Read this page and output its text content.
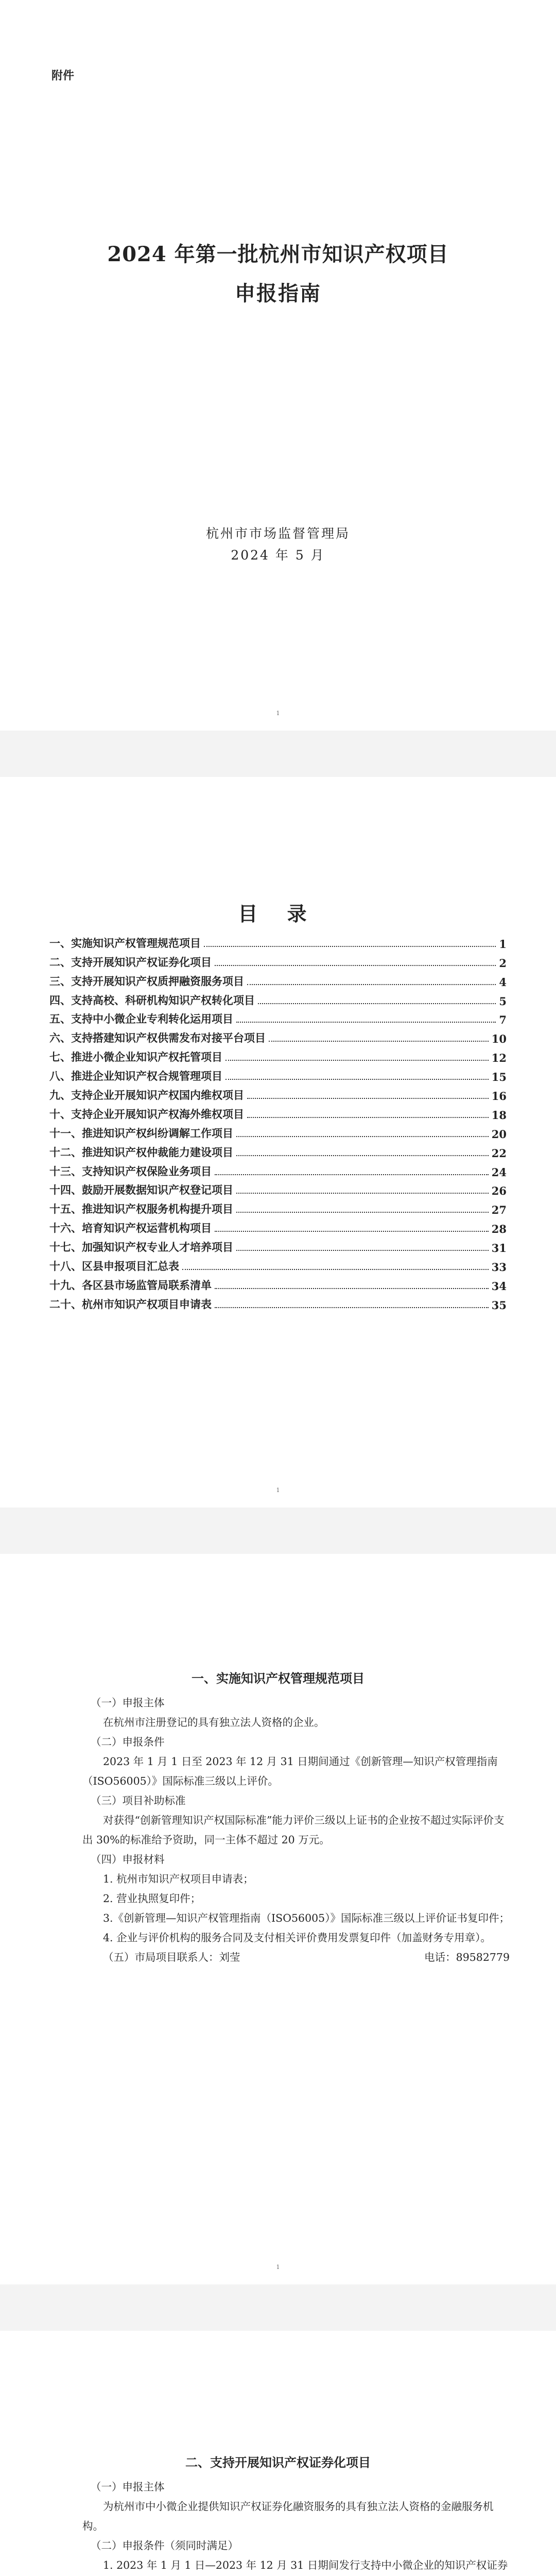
附件
2024 年第一批杭州市知识产权项目
申报指南
杭州市市场监督管理局
2024 年 5 月
1
1
目 录
一、实施知识产权管理规范项目	1
二、支持开展知识产权证券化项目	2
三、支持开展知识产权质押融资服务项目	4
四、支持高校、科研机构知识产权转化项目	5
五、支持中小微企业专利转化运用项目	7
六、支持搭建知识产权供需发布对接平台项目	10
七、推进小微企业知识产权托管项目	12
八、推进企业知识产权合规管理项目	15
九、支持企业开展知识产权国内维权项目	16
十、支持企业开展知识产权海外维权项目	18
十一、推进知识产权纠纷调解工作项目	20
十二、推进知识产权仲裁能力建设项目	22
十三、支持知识产权保险业务项目	24
十四、鼓励开展数据知识产权登记项目	26
十五、推进知识产权服务机构提升项目	27
十六、培育知识产权运营机构项目	28
十七、加强知识产权专业人才培养项目	31
十八、区县申报项目汇总表	33
十九、各区县市场监管局联系清单	34
二十、杭州市知识产权项目申请表	35
1
一、实施知识产权管理规范项目
（一）申报主体
在杭州市注册登记的具有独立法人资格的企业。
（二）申报条件
2023 年 1 月 1 日至 2023 年 12 月 31 日期间通过《创新管理—知识产权管理指南（ISO56005）》国际标准三级以上评价。
（三）项目补助标准
对获得“创新管理知识产权国际标准”能力评价三级以上证书的企业按不超过实际评价支出 30%的标准给予资助，同一主体不超过 20 万元。
（四）申报材料
1. 杭州市知识产权项目申请表；
2. 营业执照复印件；
3.《创新管理—知识产权管理指南（ISO56005）》国际标准三级以上评价证书复印件；
4. 企业与评价机构的服务合同及支付相关评价费用发票复印件（加盖财务专用章）。
（五）市局项目联系人：刘莹	电话：89582779
二、支持开展知识产权证券化项目
（一）申报主体
为杭州市中小微企业提供知识产权证券化融资服务的具有独立法人资格的金融服务机构。
（二）申报条件（须同时满足）
1. 2023 年 1 月 1 日—2023 年 12 月 31 日期间发行支持中小微企业的知识产权证券
